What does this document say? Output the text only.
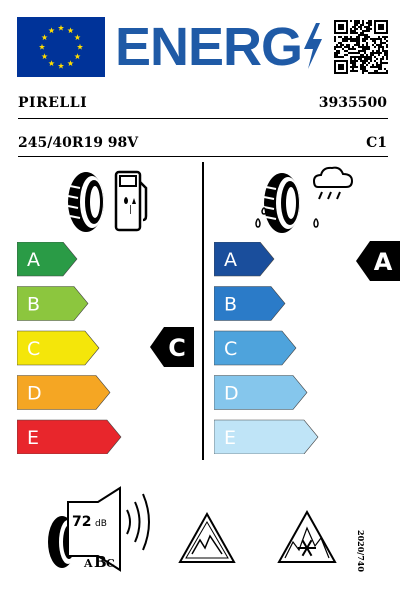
ENERG
PIRELLI	3935500
245/40R19 98V	C1
|
A
B
C
D
E
C
A
B
C
D
E
A
72 dB
A B C	2020/740
